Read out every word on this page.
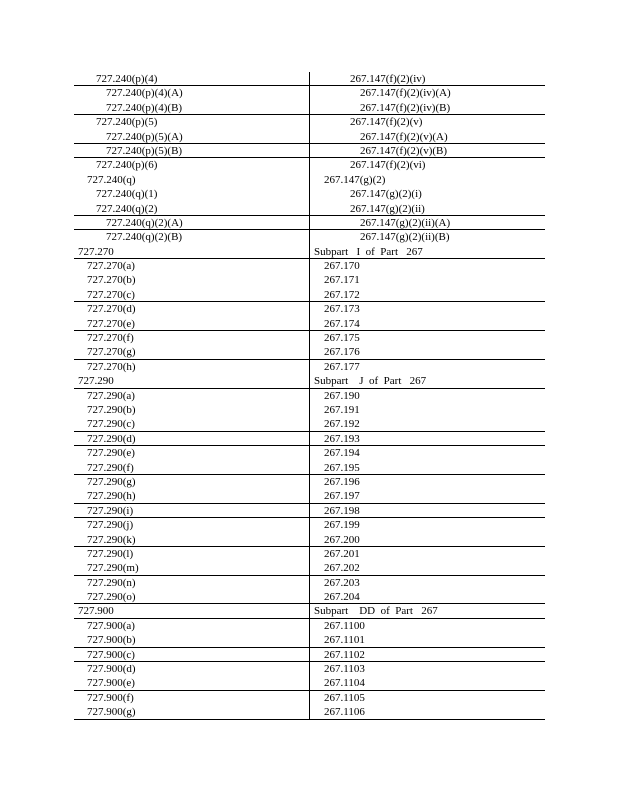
727.240(p)(4)	267.147(f)(2)(iv)
727.240(p)(4)(A)	267.147(f)(2)(iv)(A)
727.240(p)(4)(B)	267.147(f)(2)(iv)(B)
727.240(p)(5)	267.147(f)(2)(v)
727.240(p)(5)(A)	267.147(f)(2)(v)(A)
727.240(p)(5)(B)	267.147(f)(2)(v)(B)
727.240(p)(6)	267.147(f)(2)(vi)
727.240(q)	267.147(g)(2)
727.240(q)(1)	267.147(g)(2)(i)
727.240(q)(2)	267.147(g)(2)(ii)
727.240(q)(2)(A)	267.147(g)(2)(ii)(A)
727.240(q)(2)(B)	267.147(g)(2)(ii)(B)
727.270	Subpart   I  of  Part   267
727.270(a)	267.170
727.270(b)	267.171
727.270(c)	267.172
727.270(d)	267.173
727.270(e)	267.174
727.270(f)	267.175
727.270(g)	267.176
727.270(h)	267.177
727.290	Subpart    J  of  Part   267
727.290(a)	267.190
727.290(b)	267.191
727.290(c)	267.192
727.290(d)	267.193
727.290(e)	267.194
727.290(f)	267.195
727.290(g)	267.196
727.290(h)	267.197
727.290(i)	267.198
727.290(j)	267.199
727.290(k)	267.200
727.290(l)	267.201
727.290(m)	267.202
727.290(n)	267.203
727.290(o)	267.204
727.900	Subpart    DD  of  Part   267
727.900(a)	267.1100
727.900(b)	267.1101
727.900(c)	267.1102
727.900(d)	267.1103
727.900(e)	267.1104
727.900(f)	267.1105
727.900(g)	267.1106
